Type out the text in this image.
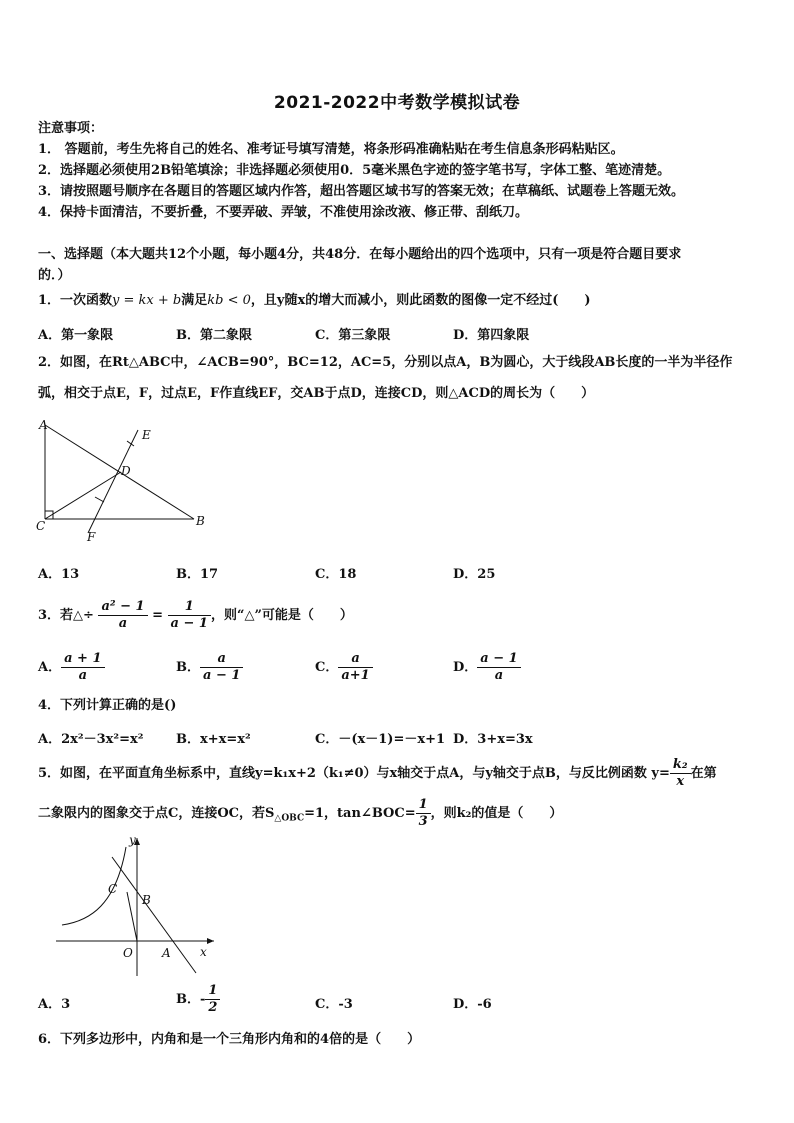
2021-2022中考数学模拟试卷
注意事项：
1． 答题前，考生先将自己的姓名、准考证号填写清楚，将条形码准确粘贴在考生信息条形码粘贴区。
2．选择题必须使用2B铅笔填涂；非选择题必须使用0．5毫米黑色字迹的签字笔书写，字体工整、笔迹清楚。
3．请按照题号顺序在各题目的答题区域内作答，超出答题区域书写的答案无效；在草稿纸、试题卷上答题无效。
4．保持卡面清洁，不要折叠，不要弄破、弄皱，不准使用涂改液、修正带、刮纸刀。
一、选择题（本大题共12个小题，每小题4分，共48分．在每小题给出的四个选项中，只有一项是符合题目要求
的．）
1．一次函数y = kx + b满足kb < 0，且y随x的增大而减小，则此函数的图像一定不经过(　　)
A．第一象限	B．第二象限	C．第三象限	D．第四象限
2．如图，在Rt△ABC中，∠ACB=90°，BC=12，AC=5，分别以点A，B为圆心，大于线段AB长度的一半为半径作
弧，相交于点E，F，过点E，F作直线EF，交AB于点D，连接CD，则△ACD的周长为（　　）
A
E
D
C	B
F
A．13	B．17	C．18	D．25
3．若△÷ $\frac{\text{a² − 1}}{a} = \frac{1}{a - 1}$ ，则“△”可能是（　　）
A． $\frac{a + 1}{a}$	B． $\frac{a}{a - 1}$	C． $\frac{a}{a+1}$	D． $\frac{a - 1}{a}$
4．下列计算正确的是()
A．2x²－3x²=x²	B．x+x=x²	C．－(x－1)=－x+1 D．3+x=3x
5．如图，在平面直角坐标系中，直线y=k₁x+2（k₁≠0）与x轴交于点A，与y轴交于点B，与反比例函数 $y= \frac{\text{k₂}}{x}$ 在第
二象限内的图象交于点C，连接OC，若$S_{\triangle OBC}=1$，tan∠BOC= $\frac{1}{3}$ ，则k₂的值是（　　）
y
C
B
O A x
A．3	B．- $\frac{1}{2}$	C．-3	D．-6
6．下列多边形中，内角和是一个三角形内角和的4倍的是（　　）
